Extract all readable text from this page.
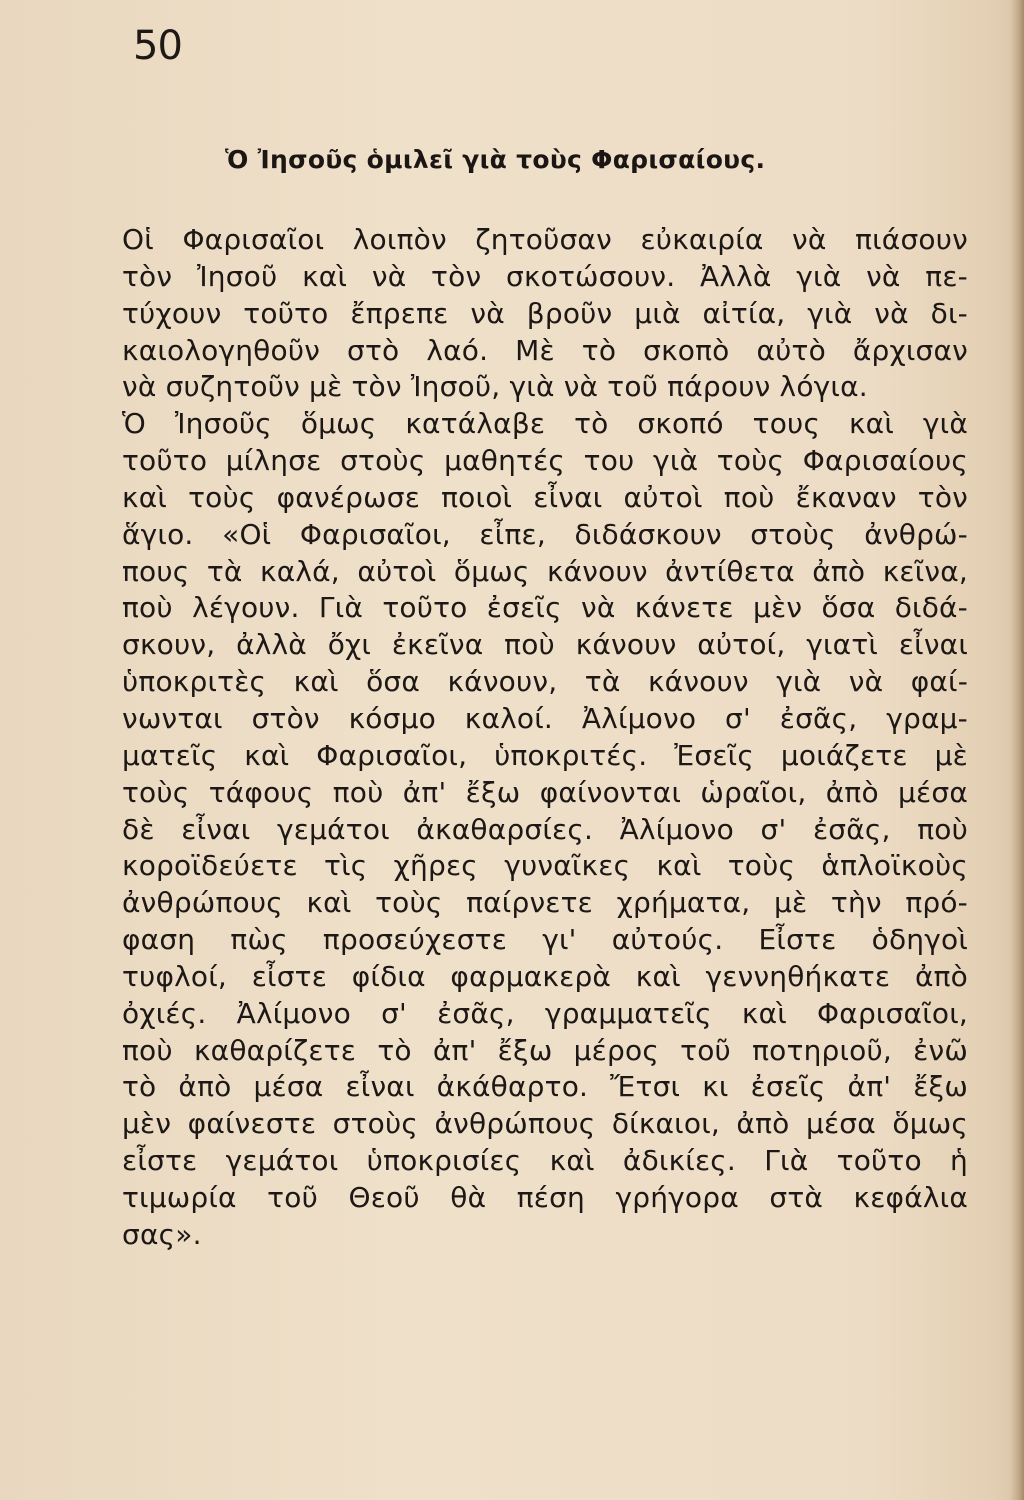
50
Ὁ Ἰησοῦς ὁμιλεῖ γιὰ τοὺς Φαρισαίους.
Οἱ Φαρισαῖοι λοιπὸν ζητοῦσαν εὐκαιρία νὰ πιάσουν
τὸν Ἰησοῦ καὶ νὰ τὸν σκοτώσουν. Ἀλλὰ γιὰ νὰ πε-
τύχουν τοῦτο ἔπρεπε νὰ βροῦν μιὰ αἰτία, γιὰ νὰ δι-
καιολογηθοῦν στὸ λαό. Μὲ τὸ σκοπὸ αὐτὸ ἄρχισαν
νὰ συζητοῦν μὲ τὸν Ἰησοῦ, γιὰ νὰ τοῦ πάρουν λόγια.
Ὁ Ἰησοῦς ὅμως κατάλαβε τὸ σκοπό τους καὶ γιὰ
τοῦτο μίλησε στοὺς μαθητές του γιὰ τοὺς Φαρισαίους
καὶ τοὺς φανέρωσε ποιοὶ εἶναι αὐτοὶ ποὺ ἔκαναν τὸν
ἅγιο. «Οἱ Φαρισαῖοι, εἶπε, διδάσκουν στοὺς ἀνθρώ-
πους τὰ καλά, αὐτοὶ ὅμως κάνουν ἀντίθετα ἀπὸ κεῖνα,
ποὺ λέγουν. Γιὰ τοῦτο ἐσεῖς νὰ κάνετε μὲν ὅσα διδά-
σκουν, ἀλλὰ ὄχι ἐκεῖνα ποὺ κάνουν αὐτοί, γιατὶ εἶναι
ὑποκριτὲς καὶ ὅσα κάνουν, τὰ κάνουν γιὰ νὰ φαί-
νωνται στὸν κόσμο καλοί. Ἀλίμονο σ' ἐσᾶς, γραμ-
ματεῖς καὶ Φαρισαῖοι, ὑποκριτές. Ἐσεῖς μοιάζετε μὲ
τοὺς τάφους ποὺ ἀπ' ἔξω φαίνονται ὡραῖοι, ἀπὸ μέσα
δὲ εἶναι γεμάτοι ἀκαθαρσίες. Ἀλίμονο σ' ἐσᾶς, ποὺ
κοροϊδεύετε τὶς χῆρες γυναῖκες καὶ τοὺς ἁπλοϊκοὺς
ἀνθρώπους καὶ τοὺς παίρνετε χρήματα, μὲ τὴν πρό-
φαση πὼς προσεύχεστε γι' αὐτούς. Εἶστε ὁδηγοὶ
τυφλοί, εἶστε φίδια φαρμακερὰ καὶ γεννηθήκατε ἀπὸ
ὀχιές. Ἀλίμονο σ' ἐσᾶς, γραμματεῖς καὶ Φαρισαῖοι,
ποὺ καθαρίζετε τὸ ἀπ' ἔξω μέρος τοῦ ποτηριοῦ, ἐνῶ
τὸ ἀπὸ μέσα εἶναι ἀκάθαρτο. Ἔτσι κι ἐσεῖς ἀπ' ἔξω
μὲν φαίνεστε στοὺς ἀνθρώπους δίκαιοι, ἀπὸ μέσα ὅμως
εἶστε γεμάτοι ὑποκρισίες καὶ ἀδικίες. Γιὰ τοῦτο ἡ
τιμωρία τοῦ Θεοῦ θὰ πέση γρήγορα στὰ κεφάλια
σας».
